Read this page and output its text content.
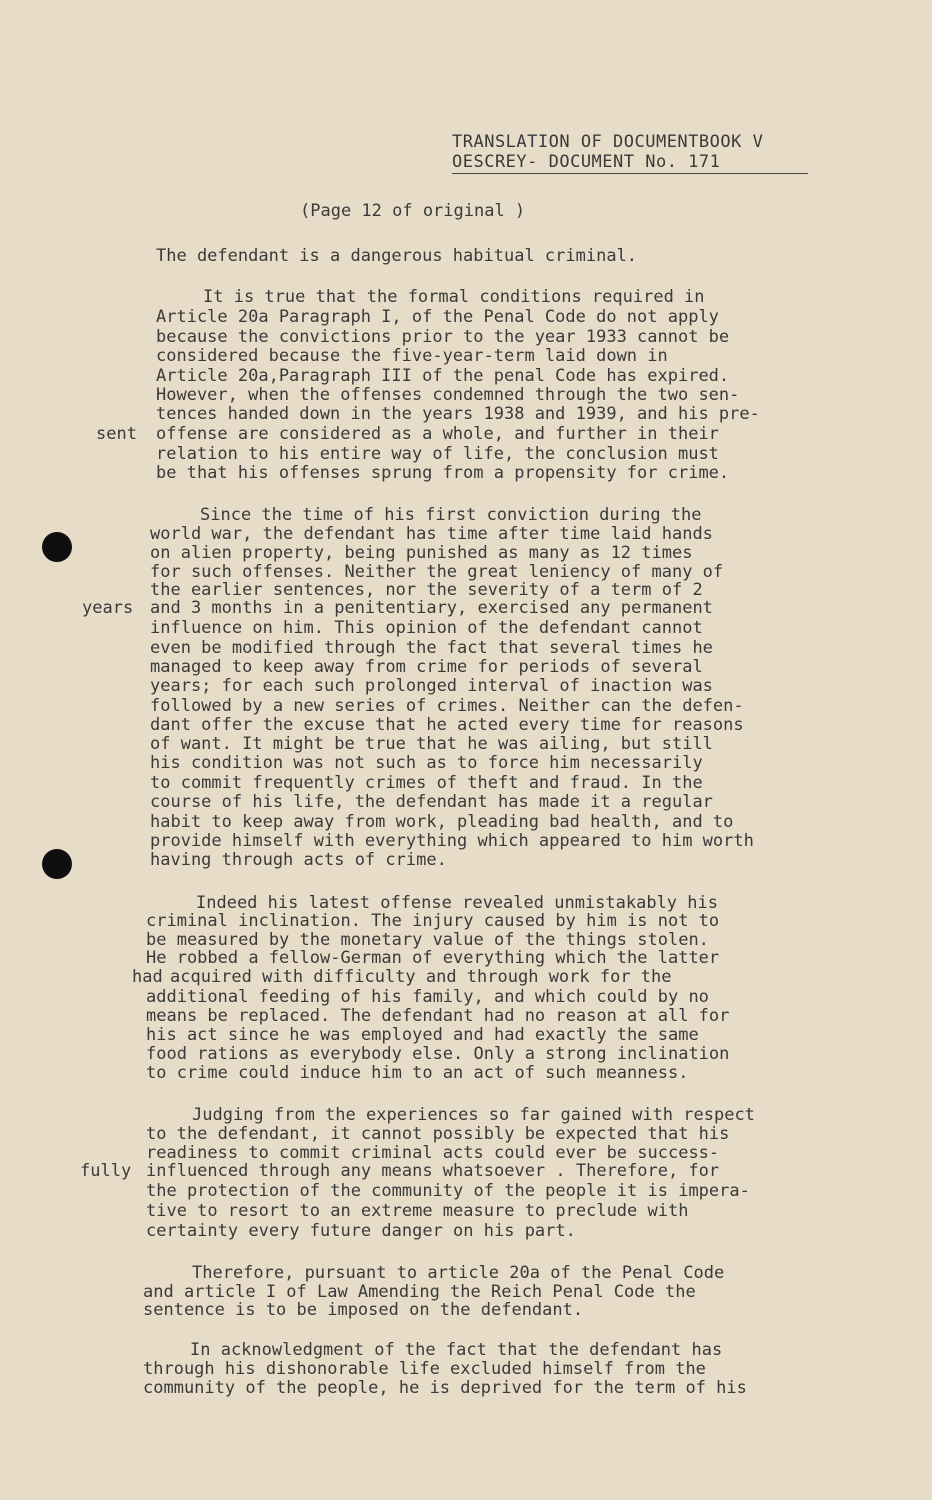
TRANSLATION OF DOCUMENTBOOK V
OESCREY- DOCUMENT No. 171
(Page 12 of original )
The defendant is a dangerous habitual criminal.
It is true that the formal conditions required in
Article 20a Paragraph I, of the Penal Code do not apply
because the convictions prior to the year 1933 cannot be
considered because the five-year-term laid down in
Article 20a,Paragraph III of the penal Code has expired.
However, when the offenses condemned through the two sen-
tences handed down in the years 1938 and 1939, and his pre-
sent offense are considered as a whole, and further in their
relation to his entire way of life, the conclusion must
be that his offenses sprung from a propensity for crime.
Since the time of his first conviction during the
world war, the defendant has time after time laid hands
on alien property, being punished as many as 12 times
for such offenses. Neither the great leniency of many of
the earlier sentences, nor the severity of a term of 2
years and 3 months in a penitentiary, exercised any permanent
influence on him. This opinion of the defendant cannot
even be modified through the fact that several times he
managed to keep away from crime for periods of several
years; for each such prolonged interval of inaction was
followed by a new series of crimes. Neither can the defen-
dant offer the excuse that he acted every time for reasons
of want. It might be true that he was ailing, but still
his condition was not such as to force him necessarily
to commit frequently crimes of theft and fraud. In the
course of his life, the defendant has made it a regular
habit to keep away from work, pleading bad health, and to
provide himself with everything which appeared to him worth
having through acts of crime.
Indeed his latest offense revealed unmistakably his
criminal inclination. The injury caused by him is not to
be measured by the monetary value of the things stolen.
He robbed a fellow-German of everything which the latter
had acquired with difficulty and through work for the
additional feeding of his family, and which could by no
means be replaced. The defendant had no reason at all for
his act since he was employed and had exactly the same
food rations as everybody else. Only a strong inclination
to crime could induce him to an act of such meanness.
Judging from the experiences so far gained with respect
to the defendant, it cannot possibly be expected that his
readiness to commit criminal acts could ever be success-
fully influenced through any means whatsoever . Therefore, for
the protection of the community of the people it is impera-
tive to resort to an extreme measure to preclude with
certainty every future danger on his part.
Therefore, pursuant to article 20a of the Penal Code
and article I of Law Amending the Reich Penal Code the
sentence is to be imposed on the defendant.
In acknowledgment of the fact that the defendant has
through his dishonorable life excluded himself from the
community of the people, he is deprived for the term of his
